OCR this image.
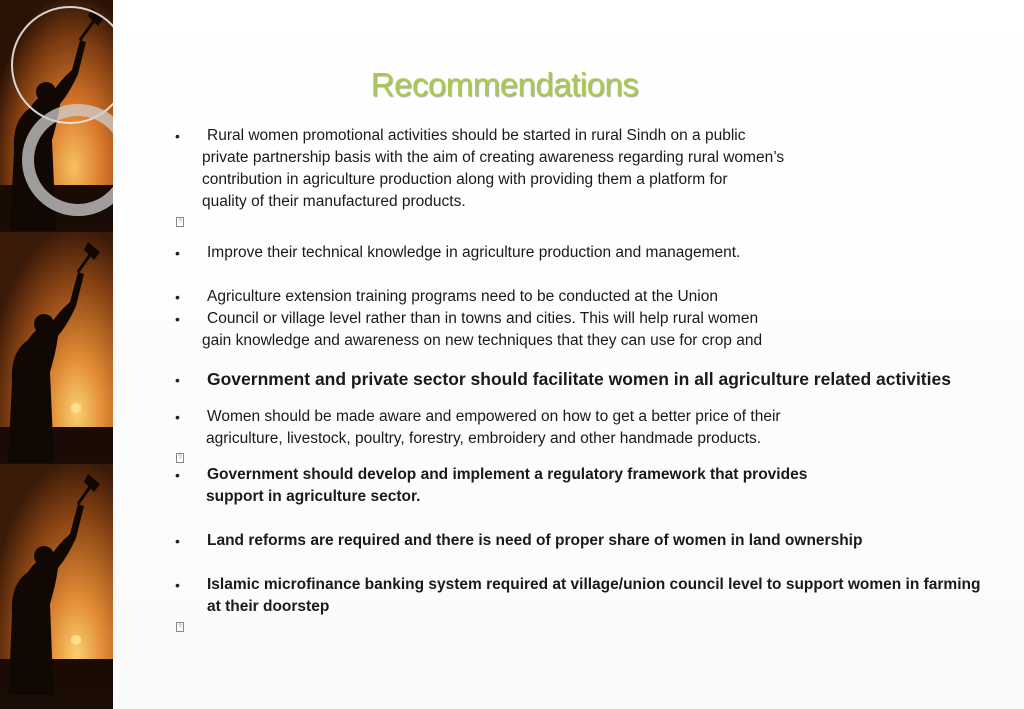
Recommendations
• Rural women promotional activities should be started in rural Sindh on a public
private partnership basis with the aim of creating awareness regarding rural women’s
contribution in agriculture production along with providing them a platform for
quality of their manufactured products.
?
• Improve their technical knowledge in agriculture production and management.
• Agriculture extension training programs need to be conducted at the Union
• Council or village level rather than in towns and cities. This will help rural women
gain knowledge and awareness on new techniques that they can use for crop and
• Government and private sector should facilitate women in all agriculture related activities
• Women should be made aware and empowered on how to get a better price of their
agriculture, livestock, poultry, forestry, embroidery and other handmade products.
?
• Government should develop and implement a regulatory framework that provides
support in agriculture sector.
• Land reforms are required and there is need of proper share of women in land ownership
• Islamic microfinance banking system required at village/union council level to support women in farming
at their doorstep
?
